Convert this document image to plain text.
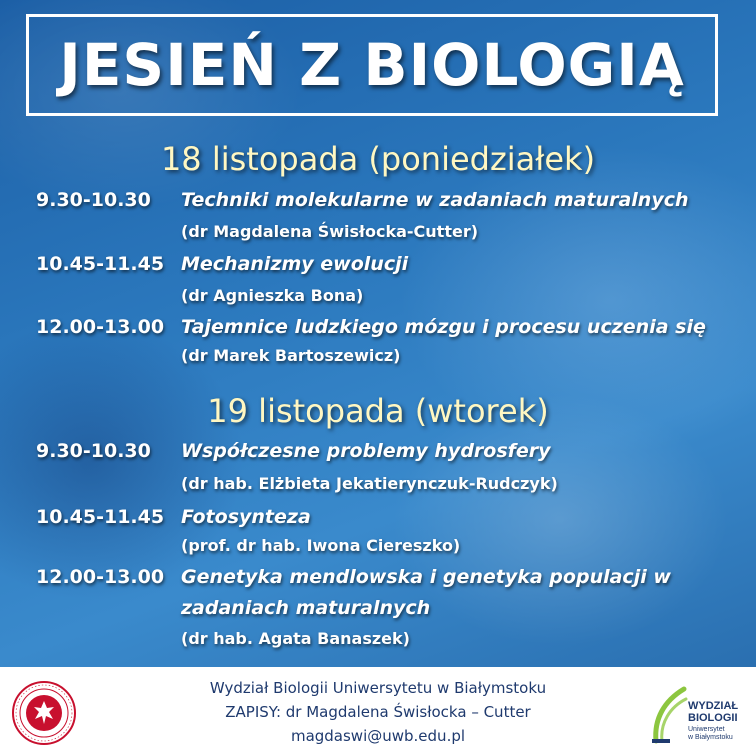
JESIEŃ Z BIOLOGIĄ
18 listopada (poniedziałek)
9.30-10.30 Techniki molekularne w zadaniach maturalnych
(dr Magdalena Świsłocka-Cutter)
10.45-11.45 Mechanizmy ewolucji
(dr Agnieszka Bona)
12.00-13.00 Tajemnice ludzkiego mózgu i procesu uczenia się
(dr Marek Bartoszewicz)
19 listopada (wtorek)
9.30-10.30 Współczesne problemy hydrosfery
(dr hab. Elżbieta Jekatierynczuk-Rudczyk)
10.45-11.45 Fotosynteza
(prof. dr hab. Iwona Ciereszko)
12.00-13.00 Genetyka mendlowska i genetyka populacji w
zadaniach maturalnych
(dr hab. Agata Banaszek)
Wydział Biologii Uniwersytetu w Białymstoku
ZAPISY: dr Magdalena Świsłocka – Cutter
magdaswi@uwb.edu.pl
WYDZIAŁ
BIOLOGII
Uniwersytet
w Białymstoku
